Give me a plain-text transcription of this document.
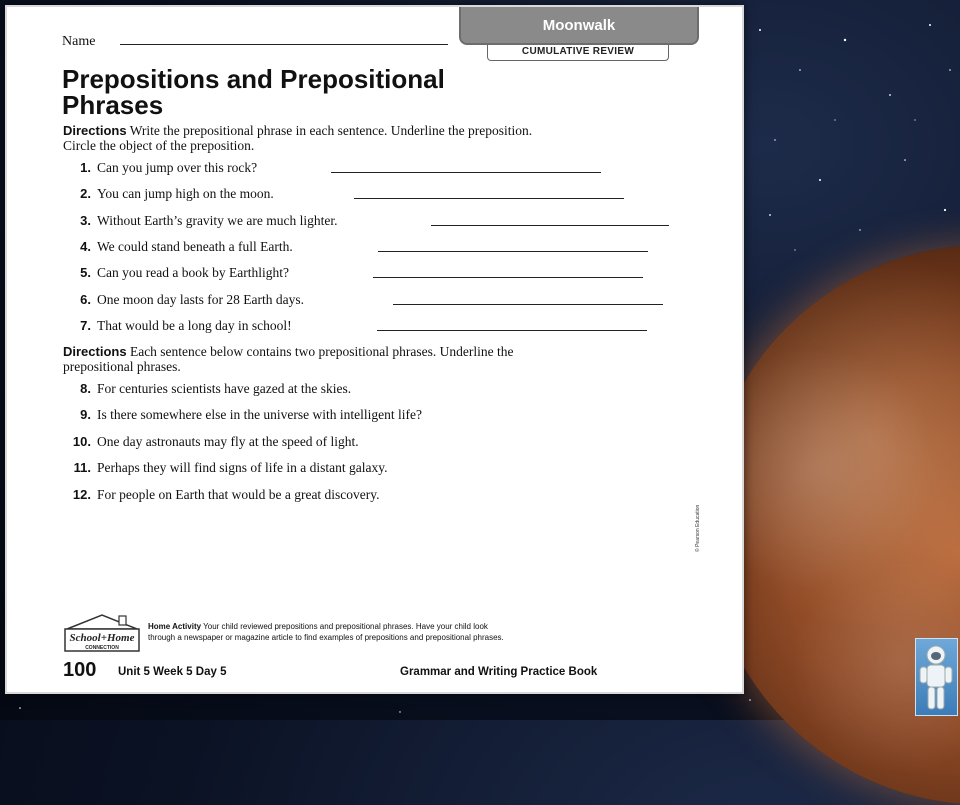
Name
Moonwalk
CUMULATIVE REVIEW
Prepositions and Prepositional
Phrases
Directions Write the prepositional phrase in each sentence. Underline the preposition.
Circle the object of the preposition.
1. Can you jump over this rock?
2. You can jump high on the moon.
3. Without Earth’s gravity we are much lighter.
4. We could stand beneath a full Earth.
5. Can you read a book by Earthlight?
6. One moon day lasts for 28 Earth days.
7. That would be a long day in school!
Directions Each sentence below contains two prepositional phrases. Underline the
prepositional phrases.
8. For centuries scientists have gazed at the skies.
9. Is there somewhere else in the universe with intelligent life?
10. One day astronauts may fly at the speed of light.
11. Perhaps they will find signs of life in a distant galaxy.
12. For people on Earth that would be a great discovery.
© Pearson Education
School+Home
CONNECTION
Home Activity Your child reviewed prepositions and prepositional phrases. Have your child look
through a newspaper or magazine article to find examples of prepositions and prepositional phrases.
100 Unit 5 Week 5 Day 5	Grammar and Writing Practice Book
